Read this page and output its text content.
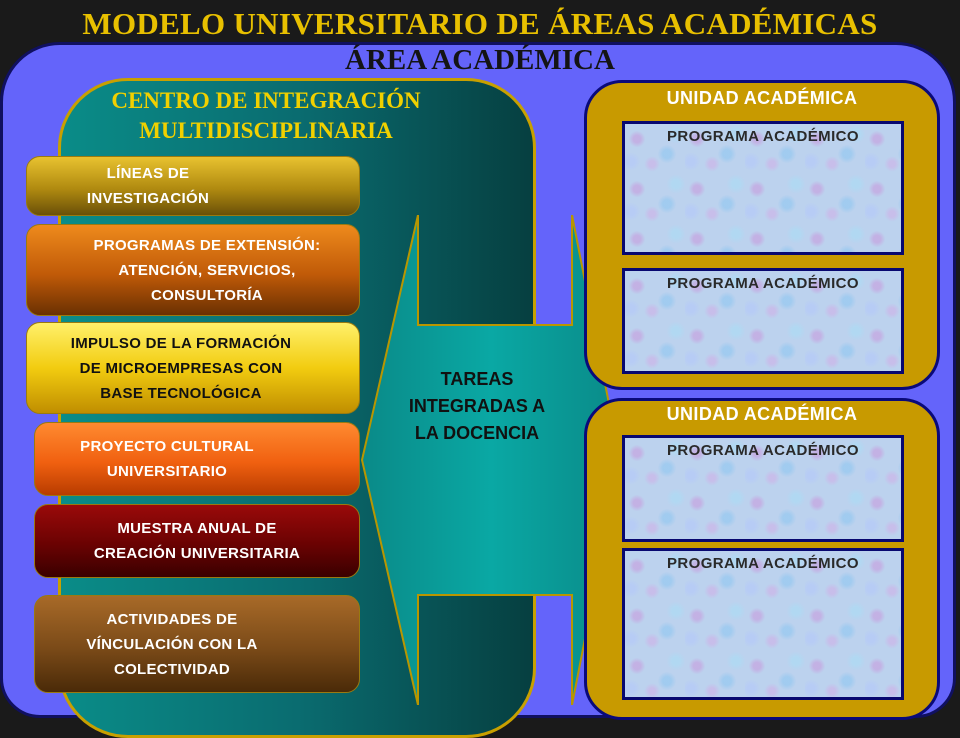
MODELO UNIVERSITARIO DE ÁREAS ACADÉMICAS
ÁREA ACADÉMICA
CENTRO DE INTEGRACIÓN
MULTIDISCIPLINARIA
LÍNEAS DE
INVESTIGACIÓN
PROGRAMAS DE EXTENSIÓN:
ATENCIÓN, SERVICIOS,
CONSULTORÍA
IMPULSO DE LA FORMACIÓN
DE MICROEMPRESAS CON
BASE TECNOLÓGICA
PROYECTO CULTURAL
UNIVERSITARIO
MUESTRA ANUAL DE
CREACIÓN UNIVERSITARIA
ACTIVIDADES DE
VÍNCULACIÓN CON LA
COLECTIVIDAD
TAREAS
INTEGRADAS A
LA DOCENCIA
UNIDAD ACADÉMICA
PROGRAMA ACADÉMICO
PROGRAMA ACADÉMICO
UNIDAD ACADÉMICA
PROGRAMA ACADÉMICO
PROGRAMA ACADÉMICO
